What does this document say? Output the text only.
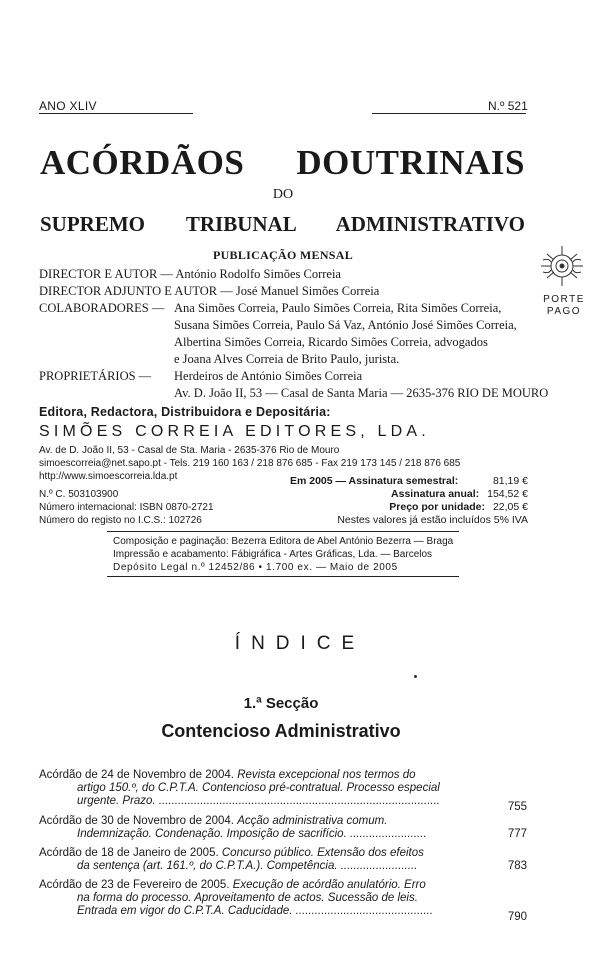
ANO XLIV	N.º 521
ACÓRDÃOS DOUTRINAIS
DO
SUPREMO TRIBUNAL ADMINISTRATIVO
PUBLICAÇÃO MENSAL
DIRECTOR E AUTOR — António Rodolfo Simões Correia
DIRECTOR ADJUNTO E AUTOR — José Manuel Simões Correia
COLABORADORES — Ana Simões Correia, Paulo Simões Correia, Rita Simões Correia,
Susana Simões Correia, Paulo Sá Vaz, António José Simões Correia,
Albertina Simões Correia, Ricardo Simões Correia, advogados
e Joana Alves Correia de Brito Paulo, jurista.
PROPRIETÁRIOS — Herdeiros de António Simões Correia
Av. D. João II, 53 — Casal de Santa Maria — 2635-376 RIO DE MOURO
PORTE
PAGO
Editora, Redactora, Distribuidora e Depositária:
SIMÕES CORREIA EDITORES, LDA.
Av. de D. João II, 53 - Casal de Sta. Maria - 2635-376 Rio de Mouro
simoescorreia@net.sapo.pt - Tels. 219 160 163 / 218 876 685 - Fax 219 173 145 / 218 876 685
http://www.simoescorreia.lda.pt
N.º C. 503103900
Número internacional: ISBN 0870-2721
Número do registo no I.C.S.: 102726
Em 2005 — Assinatura semestral:	81,19 €
Assinatura anual: 154,52 €
Preço por unidade: 22,05 €
Nestes valores já estão incluídos 5% IVA
Composição e paginação: Bezerra Editora de Abel António Bezerra — Braga
Impressão e acabamento: Fábigráfica - Artes Gráficas, Lda. — Barcelos
Depósito Legal n.º 12452/86 • 1.700 ex. — Maio de 2005
ÍNDICE
1.ª Secção
Contencioso Administrativo
Acórdão de 24 de Novembro de 2004. Revista excepcional nos termos do
artigo 150.º, do C.P.T.A. Contencioso pré-contratual. Processo especial
urgente. Prazo. ........................................................................................	755
Acórdão de 30 de Novembro de 2004. Acção administrativa comum.
Indemnização. Condenação. Imposição de sacrifício. ........................	777
Acórdão de 18 de Janeiro de 2005. Concurso público. Extensão dos efeitos
da sentença (art. 161.º, do C.P.T.A.). Competência. ........................	783
Acórdão de 23 de Fevereiro de 2005. Execução de acórdão anulatório. Erro
na forma do processo. Aproveitamento de actos. Sucessão de leis.
Entrada em vigor do C.P.T.A. Caducidade. ...........................................	790
